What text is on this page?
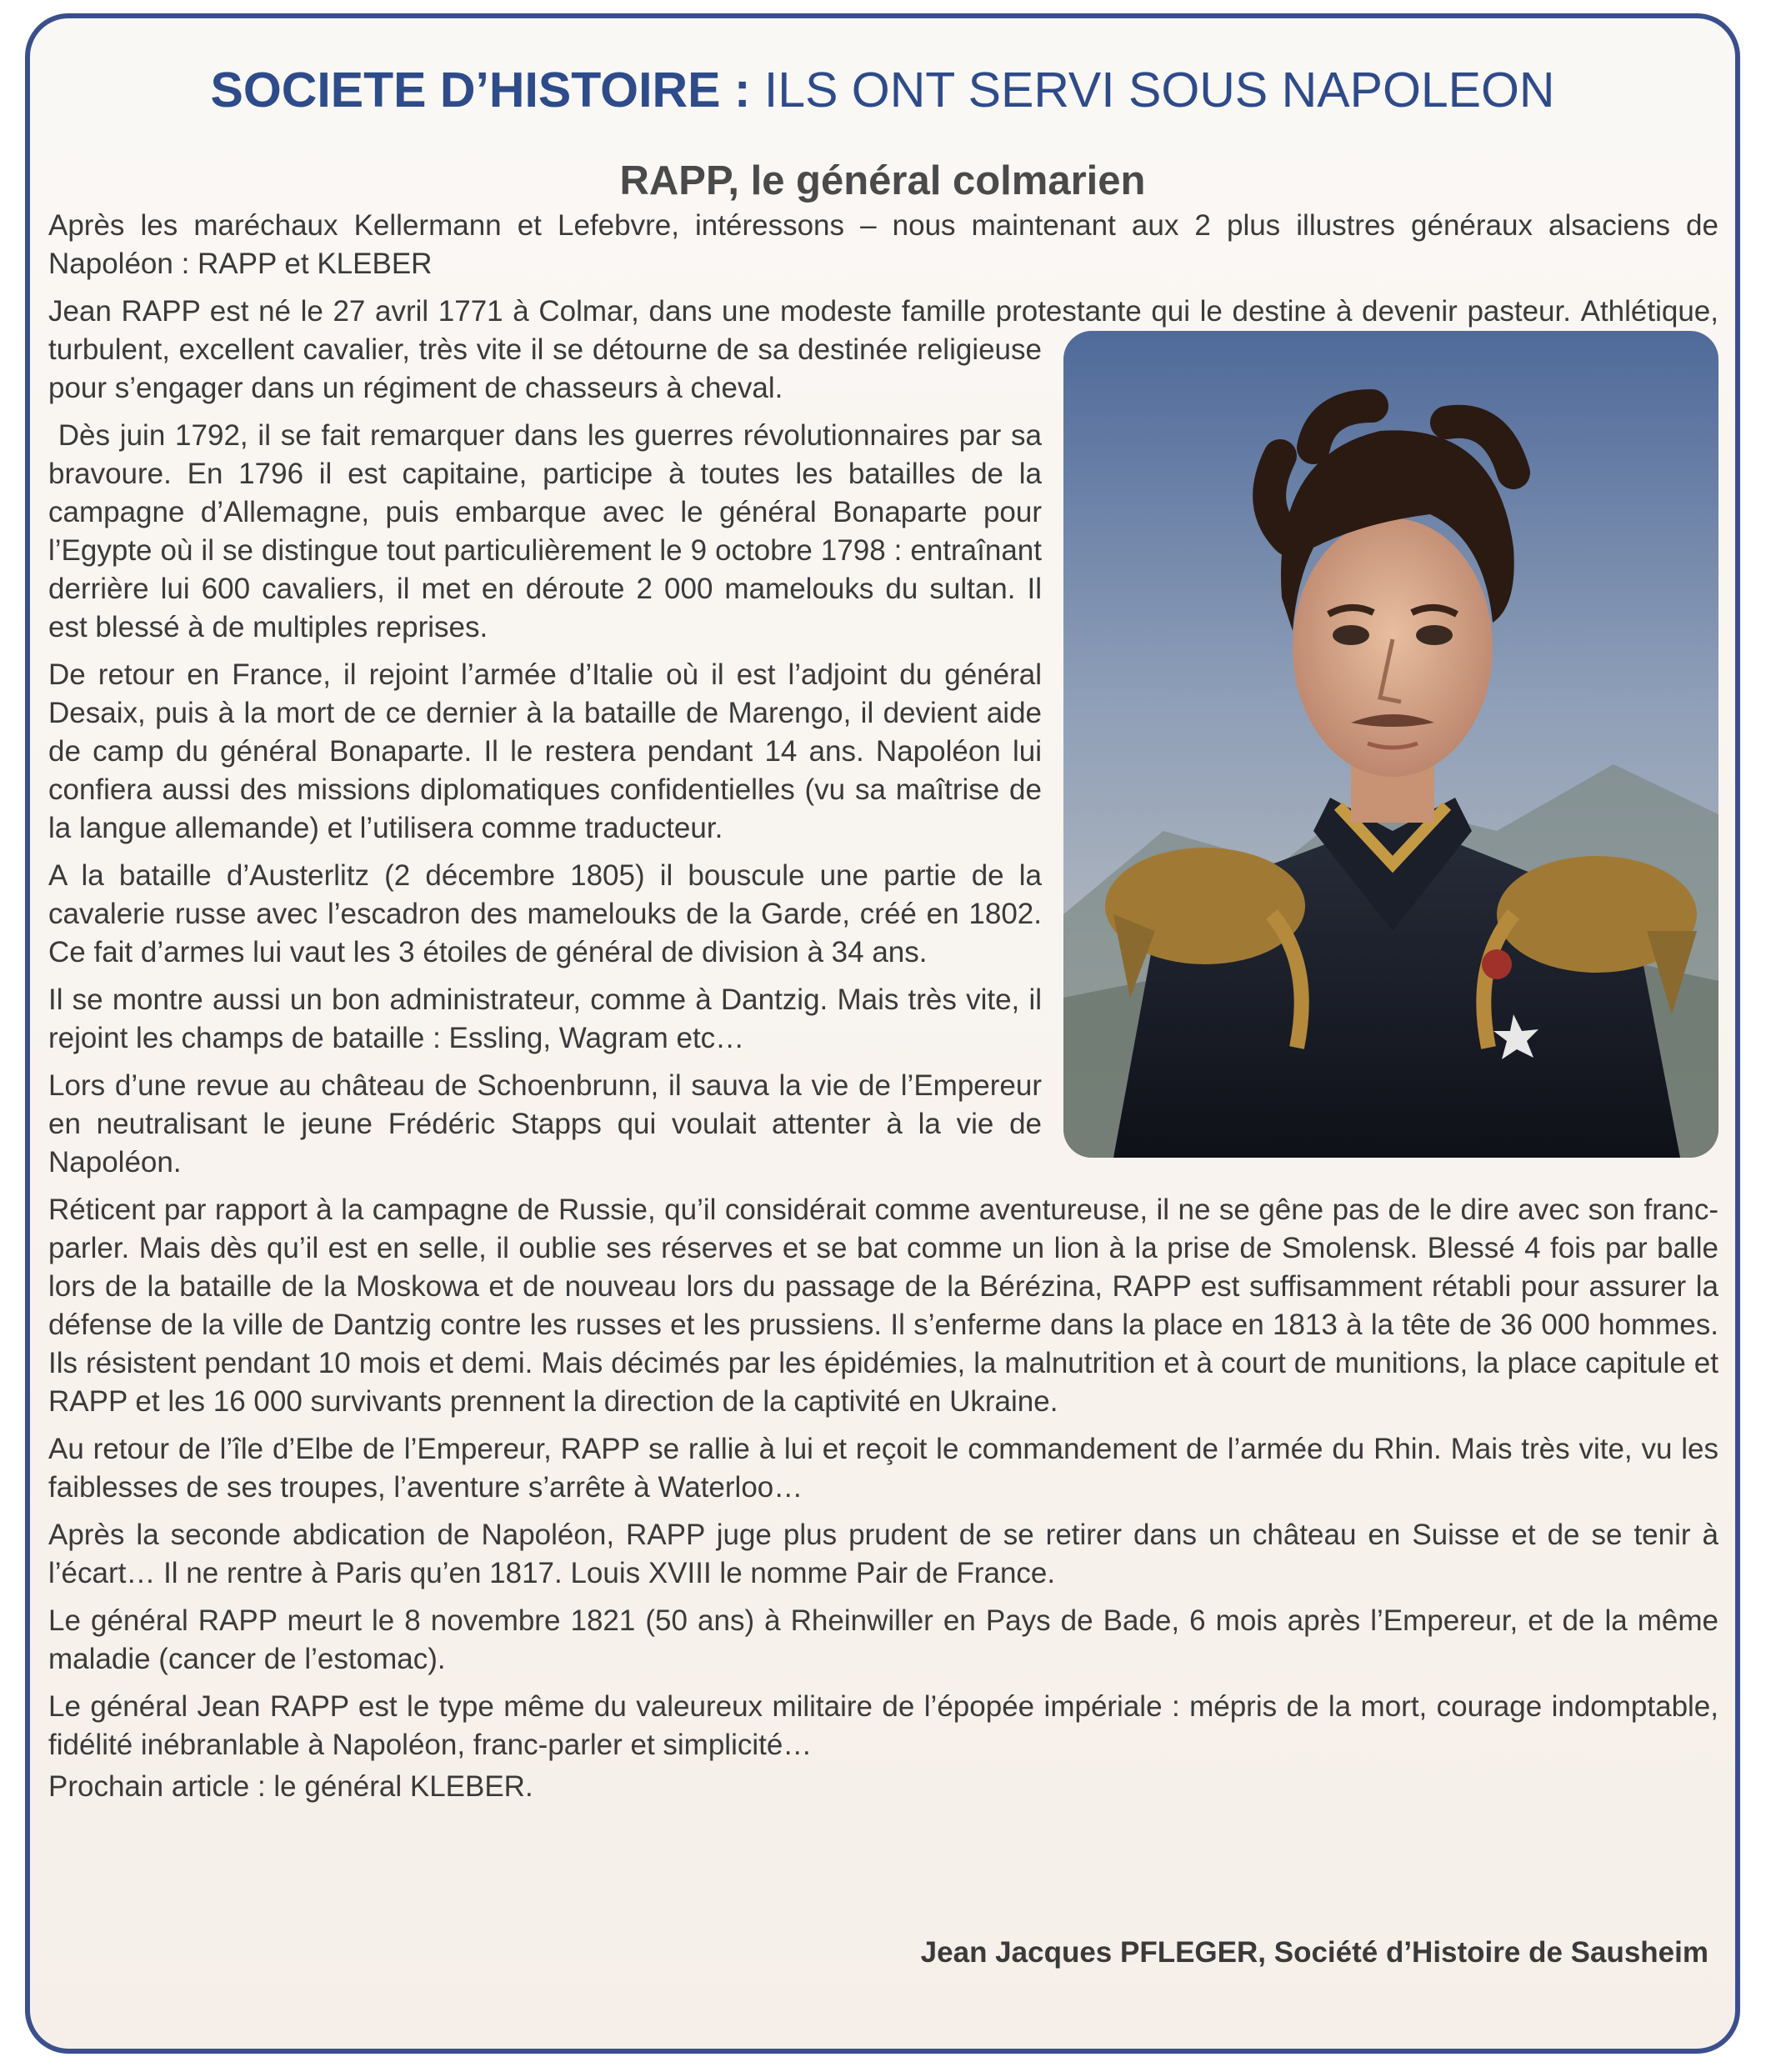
SOCIETE D’HISTOIRE : ILS ONT SERVI SOUS NAPOLEON
RAPP, le général colmarien

Après les maréchaux Kellermann et Lefebvre, intéressons – nous maintenant aux 2 plus illustres généraux alsaciens de Napoléon : RAPP et KLEBER

Jean RAPP est né le 27 avril 1771 à Colmar, dans une modeste famille protestante qui le destine à devenir pasteur.
Athlétique, turbulent, excellent cavalier, très vite il se détourne de sa destinée religieuse pour s’engager dans un régiment de chasseurs à cheval.

Dès juin 1792, il se fait remarquer dans les guerres révolutionnaires par sa bravoure. En 1796 il est capitaine, participe à toutes les batailles de la campagne d’Allemagne, puis embarque avec le général Bonaparte pour l’Egypte où il se distingue tout particulièrement le 9 octobre 1798 : entraînant derrière lui 600 cavaliers, il met en déroute 2 000 mamelouks du sultan. Il est blessé à de multiples reprises.

De retour en France, il rejoint l’armée d’Italie où il est l’adjoint du général Desaix, puis à la mort de ce dernier à la bataille de Marengo, il devient aide de camp du général Bonaparte. Il le restera pendant 14 ans. Napoléon lui confiera aussi des missions diplomatiques confidentielles (vu sa maîtrise de la langue allemande) et l’utilisera comme traducteur.

A la bataille d’Austerlitz (2 décembre 1805) il bouscule une partie de la cavalerie russe avec l’escadron des mamelouks de la Garde, créé en 1802. Ce fait d’armes lui vaut les 3 étoiles de général de division à 34 ans.

Il se montre aussi un bon administrateur, comme à Dantzig. Mais très vite, il rejoint les champs de bataille : Essling, Wagram etc…

Lors d’une revue au château de Schoenbrunn, il sauva la vie de l’Empereur en neutralisant le jeune Frédéric Stapps qui voulait attenter à la vie de Napoléon.

Réticent par rapport à la campagne de Russie, qu’il considérait comme aventureuse, il ne se gêne pas de le dire avec son franc-parler. Mais dès qu’il est en selle, il oublie ses réserves et se bat comme un lion à la prise de Smolensk. Blessé 4 fois par balle lors de la bataille de la Moskowa et de nouveau lors du passage de la Bérézina, RAPP est suffisamment rétabli pour assurer la défense de la ville de Dantzig contre les russes et les prussiens. Il s’enferme dans la place en 1813 à la tête de 36 000 hommes. Ils résistent pendant 10 mois et demi. Mais décimés par les épidémies, la malnutrition et à court de munitions, la place capitule et RAPP et les 16 000 survivants prennent la direction de la captivité en Ukraine.

Au retour de l’île d’Elbe de l’Empereur, RAPP se rallie à lui et reçoit le commandement de l’armée du Rhin. Mais très vite, vu les faiblesses de ses troupes, l’aventure s’arrête à Waterloo…

Après la seconde abdication de Napoléon, RAPP juge plus prudent de se retirer dans un château en Suisse et de se tenir à l’écart… Il ne rentre à Paris qu’en 1817. Louis XVIII le nomme Pair de France.

Le général RAPP meurt le 8 novembre 1821 (50 ans) à Rheinwiller en Pays de Bade, 6 mois après l’Empereur, et de la même maladie (cancer de l’estomac).

Le général Jean RAPP est le type même du valeureux militaire de l’épopée impériale : mépris de la mort, courage indomptable, fidélité inébranlable à Napoléon, franc-parler et simplicité…

Prochain article : le général KLEBER.

Jean Jacques PFLEGER, Société d’Histoire de Sausheim
